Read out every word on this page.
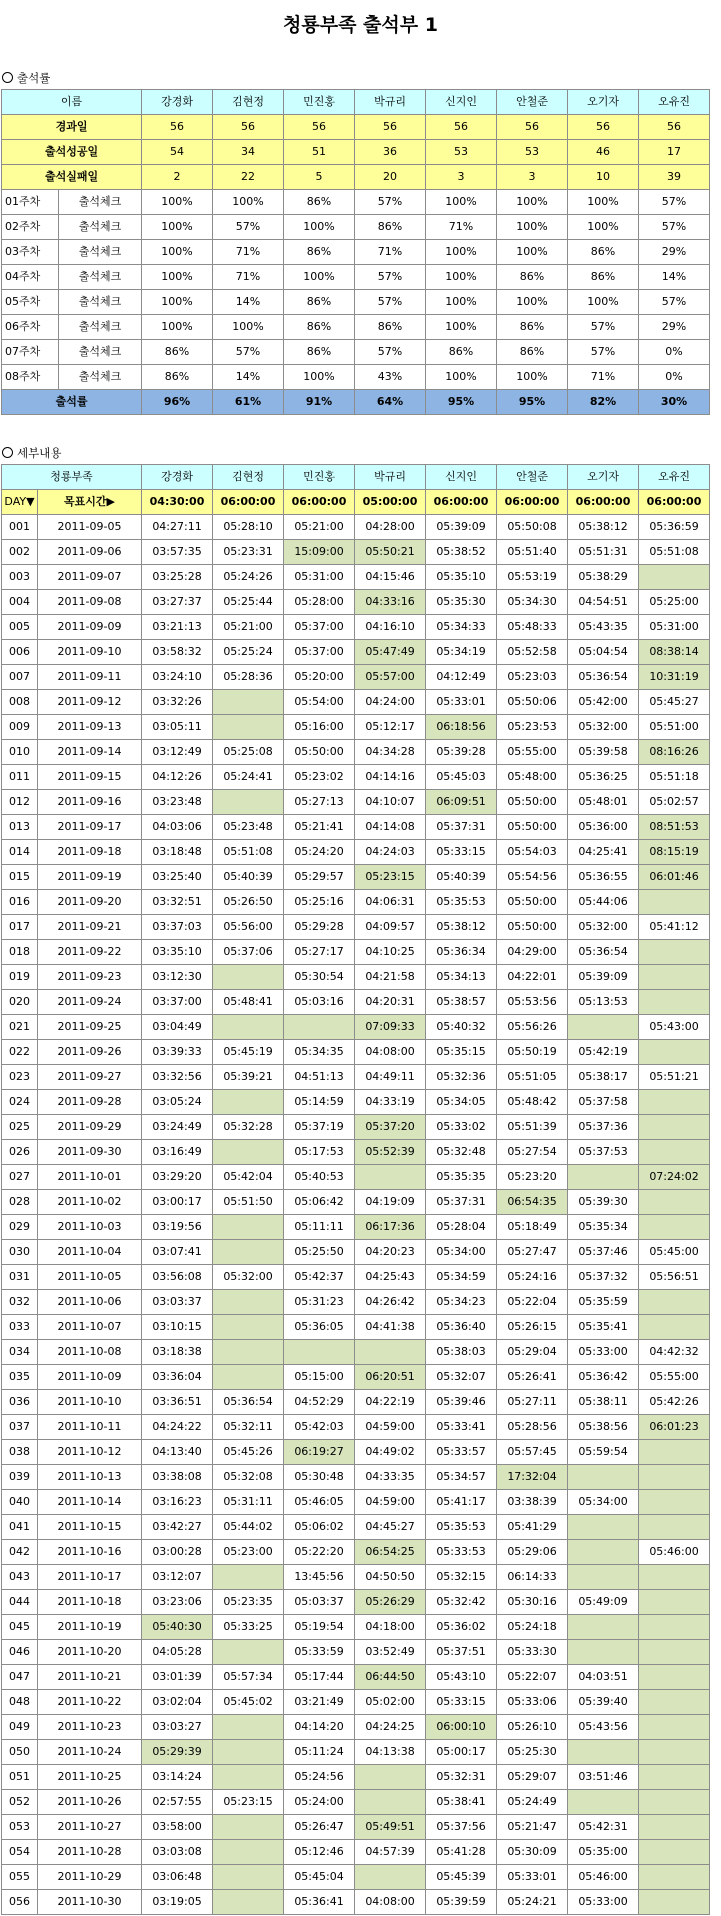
청룡부족 출석부 1
출석률
이름		강경화	김현정	민진홍	박규리	신지인	안철준	오기자	오유진
경과일		56	56	56	56	56	56	56	56
출석성공일		54	34	51	36	53	53	46	17
출석실패일		2	22	5	20	3	3	10	39
01주차	출석체크	100%	100%	86%	57%	100%	100%	100%	57%
02주차	출석체크	100%	57%	100%	86%	71%	100%	100%	57%
03주차	출석체크	100%	71%	86%	71%	100%	100%	86%	29%
04주차	출석체크	100%	71%	100%	57%	100%	86%	86%	14%
05주차	출석체크	100%	14%	86%	57%	100%	100%	100%	57%
06주차	출석체크	100%	100%	86%	86%	100%	86%	57%	29%
07주차	출석체크	86%	57%	86%	57%	86%	86%	57%	0%
08주차	출석체크	86%	14%	100%	43%	100%	100%	71%	0%
출석률		96%	61%	91%	64%	95%	95%	82%	30%
세부내용
청룡부족		강경화	김현정	민진홍	박규리	신지인	안철준	오기자	오유진
DAY▼	목표시간▶	04:30:00	06:00:00	06:00:00	05:00:00	06:00:00	06:00:00	06:00:00	06:00:00
001	2011-09-05	04:27:11	05:28:10	05:21:00	04:28:00	05:39:09	05:50:08	05:38:12	05:36:59
002	2011-09-06	03:57:35	05:23:31	15:09:00	05:50:21	05:38:52	05:51:40	05:51:31	05:51:08
003	2011-09-07	03:25:28	05:24:26	05:31:00	04:15:46	05:35:10	05:53:19	05:38:29	
004	2011-09-08	03:27:37	05:25:44	05:28:00	04:33:16	05:35:30	05:34:30	04:54:51	05:25:00
005	2011-09-09	03:21:13	05:21:00	05:37:00	04:16:10	05:34:33	05:48:33	05:43:35	05:31:00
006	2011-09-10	03:58:32	05:25:24	05:37:00	05:47:49	05:34:19	05:52:58	05:04:54	08:38:14
007	2011-09-11	03:24:10	05:28:36	05:20:00	05:57:00	04:12:49	05:23:03	05:36:54	10:31:19
008	2011-09-12	03:32:26		05:54:00	04:24:00	05:33:01	05:50:06	05:42:00	05:45:27
009	2011-09-13	03:05:11		05:16:00	05:12:17	06:18:56	05:23:53	05:32:00	05:51:00
010	2011-09-14	03:12:49	05:25:08	05:50:00	04:34:28	05:39:28	05:55:00	05:39:58	08:16:26
011	2011-09-15	04:12:26	05:24:41	05:23:02	04:14:16	05:45:03	05:48:00	05:36:25	05:51:18
012	2011-09-16	03:23:48		05:27:13	04:10:07	06:09:51	05:50:00	05:48:01	05:02:57
013	2011-09-17	04:03:06	05:23:48	05:21:41	04:14:08	05:37:31	05:50:00	05:36:00	08:51:53
014	2011-09-18	03:18:48	05:51:08	05:24:20	04:24:03	05:33:15	05:54:03	04:25:41	08:15:19
015	2011-09-19	03:25:40	05:40:39	05:29:57	05:23:15	05:40:39	05:54:56	05:36:55	06:01:46
016	2011-09-20	03:32:51	05:26:50	05:25:16	04:06:31	05:35:53	05:50:00	05:44:06	
017	2011-09-21	03:37:03	05:56:00	05:29:28	04:09:57	05:38:12	05:50:00	05:32:00	05:41:12
018	2011-09-22	03:35:10	05:37:06	05:27:17	04:10:25	05:36:34	04:29:00	05:36:54	
019	2011-09-23	03:12:30		05:30:54	04:21:58	05:34:13	04:22:01	05:39:09	
020	2011-09-24	03:37:00	05:48:41	05:03:16	04:20:31	05:38:57	05:53:56	05:13:53	
021	2011-09-25	03:04:49			07:09:33	05:40:32	05:56:26		05:43:00
022	2011-09-26	03:39:33	05:45:19	05:34:35	04:08:00	05:35:15	05:50:19	05:42:19	
023	2011-09-27	03:32:56	05:39:21	04:51:13	04:49:11	05:32:36	05:51:05	05:38:17	05:51:21
024	2011-09-28	03:05:24		05:14:59	04:33:19	05:34:05	05:48:42	05:37:58	
025	2011-09-29	03:24:49	05:32:28	05:37:19	05:37:20	05:33:02	05:51:39	05:37:36	
026	2011-09-30	03:16:49		05:17:53	05:52:39	05:32:48	05:27:54	05:37:53	
027	2011-10-01	03:29:20	05:42:04	05:40:53		05:35:35	05:23:20		07:24:02
028	2011-10-02	03:00:17	05:51:50	05:06:42	04:19:09	05:37:31	06:54:35	05:39:30	
029	2011-10-03	03:19:56		05:11:11	06:17:36	05:28:04	05:18:49	05:35:34	
030	2011-10-04	03:07:41		05:25:50	04:20:23	05:34:00	05:27:47	05:37:46	05:45:00
031	2011-10-05	03:56:08	05:32:00	05:42:37	04:25:43	05:34:59	05:24:16	05:37:32	05:56:51
032	2011-10-06	03:03:37		05:31:23	04:26:42	05:34:23	05:22:04	05:35:59	
033	2011-10-07	03:10:15		05:36:05	04:41:38	05:36:40	05:26:15	05:35:41	
034	2011-10-08	03:18:38				05:38:03	05:29:04	05:33:00	04:42:32
035	2011-10-09	03:36:04		05:15:00	06:20:51	05:32:07	05:26:41	05:36:42	05:55:00
036	2011-10-10	03:36:51	05:36:54	04:52:29	04:22:19	05:39:46	05:27:11	05:38:11	05:42:26
037	2011-10-11	04:24:22	05:32:11	05:42:03	04:59:00	05:33:41	05:28:56	05:38:56	06:01:23
038	2011-10-12	04:13:40	05:45:26	06:19:27	04:49:02	05:33:57	05:57:45	05:59:54	
039	2011-10-13	03:38:08	05:32:08	05:30:48	04:33:35	05:34:57	17:32:04		
040	2011-10-14	03:16:23	05:31:11	05:46:05	04:59:00	05:41:17	03:38:39	05:34:00	
041	2011-10-15	03:42:27	05:44:02	05:06:02	04:45:27	05:35:53	05:41:29		
042	2011-10-16	03:00:28	05:23:00	05:22:20	06:54:25	05:33:53	05:29:06		05:46:00
043	2011-10-17	03:12:07		13:45:56	04:50:50	05:32:15	06:14:33		
044	2011-10-18	03:23:06	05:23:35	05:03:37	05:26:29	05:32:42	05:30:16	05:49:09	
045	2011-10-19	05:40:30	05:33:25	05:19:54	04:18:00	05:36:02	05:24:18		
046	2011-10-20	04:05:28		05:33:59	03:52:49	05:37:51	05:33:30		
047	2011-10-21	03:01:39	05:57:34	05:17:44	06:44:50	05:43:10	05:22:07	04:03:51	
048	2011-10-22	03:02:04	05:45:02	03:21:49	05:02:00	05:33:15	05:33:06	05:39:40	
049	2011-10-23	03:03:27		04:14:20	04:24:25	06:00:10	05:26:10	05:43:56	
050	2011-10-24	05:29:39		05:11:24	04:13:38	05:00:17	05:25:30		
051	2011-10-25	03:14:24		05:24:56		05:32:31	05:29:07	03:51:46	
052	2011-10-26	02:57:55	05:23:15	05:24:00		05:38:41	05:24:49		
053	2011-10-27	03:58:00		05:26:47	05:49:51	05:37:56	05:21:47	05:42:31	
054	2011-10-28	03:03:08		05:12:46	04:57:39	05:41:28	05:30:09	05:35:00	
055	2011-10-29	03:06:48		05:45:04		05:45:39	05:33:01	05:46:00	
056	2011-10-30	03:19:05		05:36:41	04:08:00	05:39:59	05:24:21	05:33:00	
